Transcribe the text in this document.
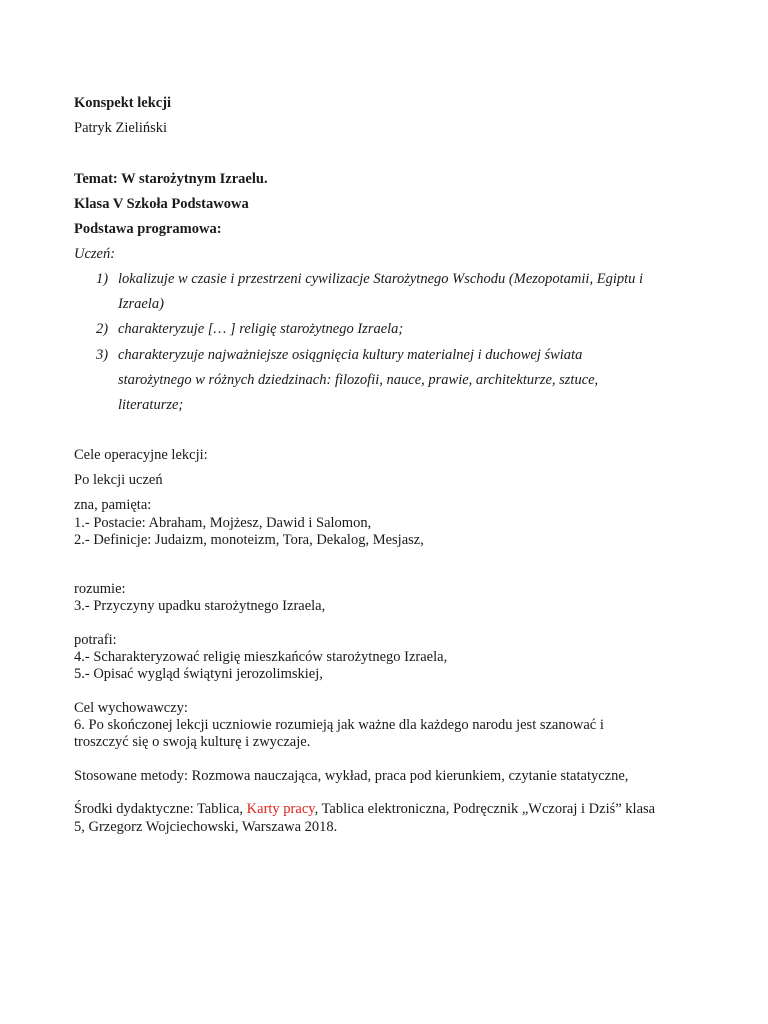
Konspekt lekcji
Patryk Zieliński
Temat: W starożytnym Izraelu.
Klasa V Szkoła Podstawowa
Podstawa programowa:
Uczeń:
1) lokalizuje w czasie i przestrzeni cywilizacje Starożytnego Wschodu (Mezopotamii, Egiptu i
Izraela)
2) charakteryzuje [… ] religię starożytnego Izraela;
3) charakteryzuje najważniejsze osiągnięcia kultury materialnej i duchowej świata
starożytnego w różnych dziedzinach: filozofii, nauce, prawie, architekturze, sztuce,
literaturze;
Cele operacyjne lekcji:
Po lekcji uczeń
zna, pamięta:
1.- Postacie: Abraham, Mojżesz, Dawid i Salomon,
2.- Definicje: Judaizm, monoteizm, Tora, Dekalog, Mesjasz,
rozumie:
3.- Przyczyny upadku starożytnego Izraela,
potrafi:
4.- Scharakteryzować religię mieszkańców starożytnego Izraela,
5.- Opisać wygląd świątyni jerozolimskiej,
Cel wychowawczy:
6. Po skończonej lekcji uczniowie rozumieją jak ważne dla każdego narodu jest szanować i
troszczyć się o swoją kulturę i zwyczaje.
Stosowane metody: Rozmowa nauczająca, wykład, praca pod kierunkiem, czytanie statatyczne,
Środki dydaktyczne: Tablica, Karty pracy, Tablica elektroniczna, Podręcznik „Wczoraj i Dziś” klasa
5, Grzegorz Wojciechowski, Warszawa 2018.
